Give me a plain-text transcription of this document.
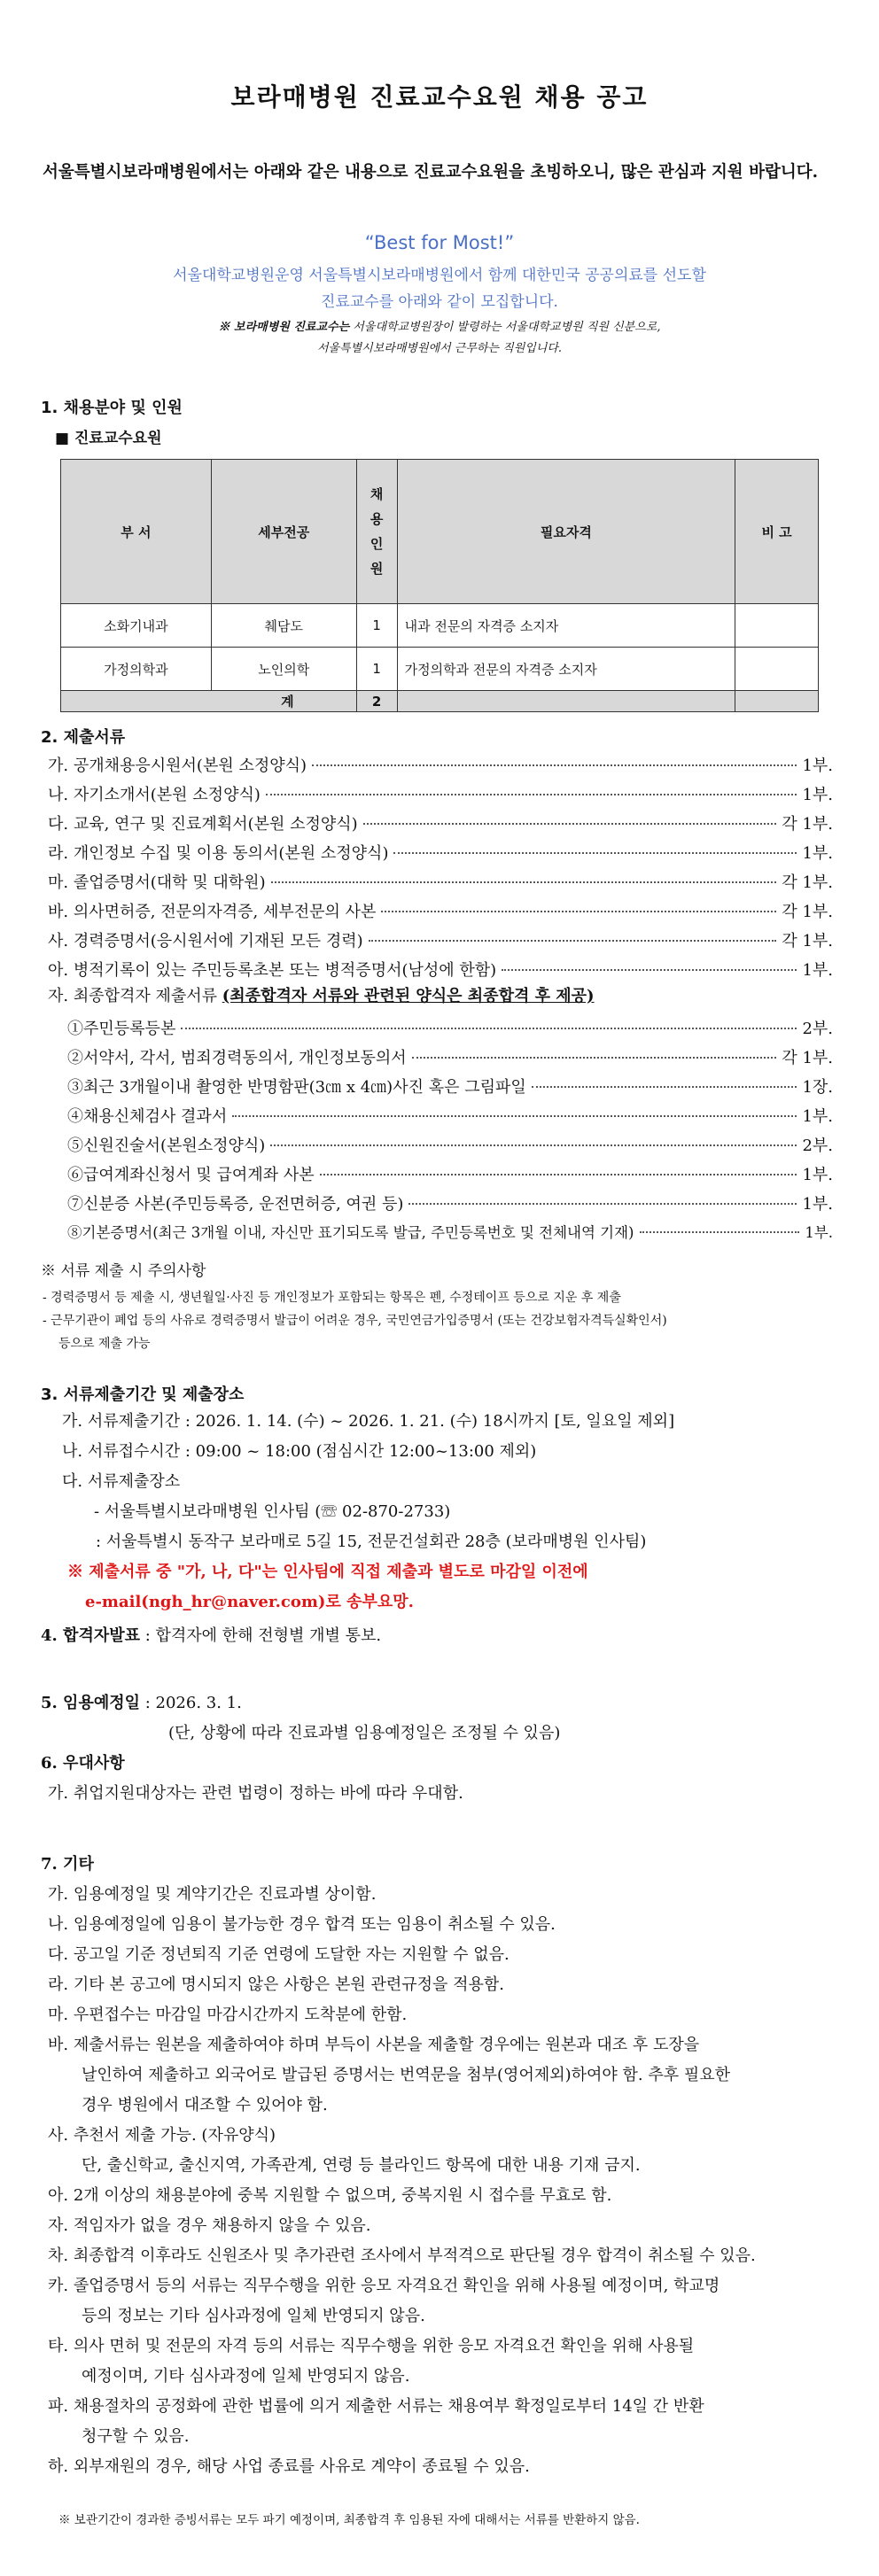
보라매병원 진료교수요원 채용 공고
서울특별시보라매병원에서는 아래와 같은 내용으로 진료교수요원을 초빙하오니, 많은 관심과 지원 바랍니다.
“Best for Most!”
서울대학교병원운영 서울특별시보라매병원에서 함께 대한민국 공공의료를 선도할
진료교수를 아래와 같이 모집합니다.
※ 보라매병원 진료교수는 서울대학교병원장이 발령하는 서울대학교병원 직원 신분으로,
서울특별시보라매병원에서 근무하는 직원입니다.
1. 채용분야 및 인원
■ 진료교수요원
부 서	세부전공	채용인원	필요자격	비 고
소화기내과	췌담도	1	내과 전문의 자격증 소지자	
가정의학과	노인의학	1	가정의학과 전문의 자격증 소지자	
계		2		
2. 제출서류
가. 공개채용응시원서(본원 소정양식)	1부.
나. 자기소개서(본원 소정양식)	1부.
다. 교육, 연구 및 진료계획서(본원 소정양식)	각 1부.
라. 개인정보 수집 및 이용 동의서(본원 소정양식)	1부.
마. 졸업증명서(대학 및 대학원)	각 1부.
바. 의사면허증, 전문의자격증, 세부전문의 사본	각 1부.
사. 경력증명서(응시원서에 기재된 모든 경력)	각 1부.
아. 병적기록이 있는 주민등록초본 또는 병적증명서(남성에 한함)	1부.
자. 최종합격자 제출서류 (최종합격자 서류와 관련된 양식은 최종합격 후 제공)
①주민등록등본	2부.
②서약서, 각서, 범죄경력동의서, 개인정보동의서	각 1부.
③최근 3개월이내 촬영한 반명함판(3㎝ x 4㎝)사진 혹은 그림파일	1장.
④채용신체검사 결과서	1부.
⑤신원진술서(본원소정양식)	2부.
⑥급여계좌신청서 및 급여계좌 사본	1부.
⑦신분증 사본(주민등록증, 운전면허증, 여권 등)	1부.
⑧기본증명서(최근 3개월 이내, 자신만 표기되도록 발급, 주민등록번호 및 전체내역 기재)	1부.
※ 서류 제출 시 주의사항
- 경력증명서 등 제출 시, 생년월일·사진 등 개인정보가 포함되는 항목은 펜, 수정테이프 등으로 지운 후 제출
- 근무기관이 폐업 등의 사유로 경력증명서 발급이 어려운 경우, 국민연금가입증명서 (또는 건강보험자격득실확인서)
등으로 제출 가능
3. 서류제출기간 및 제출장소
가. 서류제출기간 : 2026. 1. 14. (수) ~ 2026. 1. 21. (수) 18시까지 [토, 일요일 제외]
나. 서류접수시간 : 09:00 ~ 18:00 (점심시간 12:00~13:00 제외)
다. 서류제출장소
- 서울특별시보라매병원 인사팀 (☏ 02-870-2733)
: 서울특별시 동작구 보라매로 5길 15, 전문건설회관 28층 (보라매병원 인사팀)
※ 제출서류 중 "가, 나, 다"는 인사팀에 직접 제출과 별도로 마감일 이전에
e-mail(ngh_hr@naver.com)로 송부요망.
4. 합격자발표 : 합격자에 한해 전형별 개별 통보.
5. 임용예정일 : 2026. 3. 1.
(단, 상황에 따라 진료과별 임용예정일은 조정될 수 있음)
6. 우대사항
가. 취업지원대상자는 관련 법령이 정하는 바에 따라 우대함.
7. 기타
가. 임용예정일 및 계약기간은 진료과별 상이함.
나. 임용예정일에 임용이 불가능한 경우 합격 또는 임용이 취소될 수 있음.
다. 공고일 기준 정년퇴직 기준 연령에 도달한 자는 지원할 수 없음.
라. 기타 본 공고에 명시되지 않은 사항은 본원 관련규정을 적용함.
마. 우편접수는 마감일 마감시간까지 도착분에 한함.
바. 제출서류는 원본을 제출하여야 하며 부득이 사본을 제출할 경우에는 원본과 대조 후 도장을
날인하여 제출하고 외국어로 발급된 증명서는 번역문을 첨부(영어제외)하여야 함. 추후 필요한
경우 병원에서 대조할 수 있어야 함.
사. 추천서 제출 가능. (자유양식)
단, 출신학교, 출신지역, 가족관계, 연령 등 블라인드 항목에 대한 내용 기재 금지.
아. 2개 이상의 채용분야에 중복 지원할 수 없으며, 중복지원 시 접수를 무효로 함.
자. 적임자가 없을 경우 채용하지 않을 수 있음.
차. 최종합격 이후라도 신원조사 및 추가관련 조사에서 부적격으로 판단될 경우 합격이 취소될 수 있음.
카. 졸업증명서 등의 서류는 직무수행을 위한 응모 자격요건 확인을 위해 사용될 예정이며, 학교명
등의 정보는 기타 심사과정에 일체 반영되지 않음.
타. 의사 면허 및 전문의 자격 등의 서류는 직무수행을 위한 응모 자격요건 확인을 위해 사용될
예정이며, 기타 심사과정에 일체 반영되지 않음.
파. 채용절차의 공정화에 관한 법률에 의거 제출한 서류는 채용여부 확정일로부터 14일 간 반환
청구할 수 있음.
하. 외부재원의 경우, 해당 사업 종료를 사유로 계약이 종료될 수 있음.
※ 보관기간이 경과한 증빙서류는 모두 파기 예정이며, 최종합격 후 임용된 자에 대해서는 서류를 반환하지 않음.
